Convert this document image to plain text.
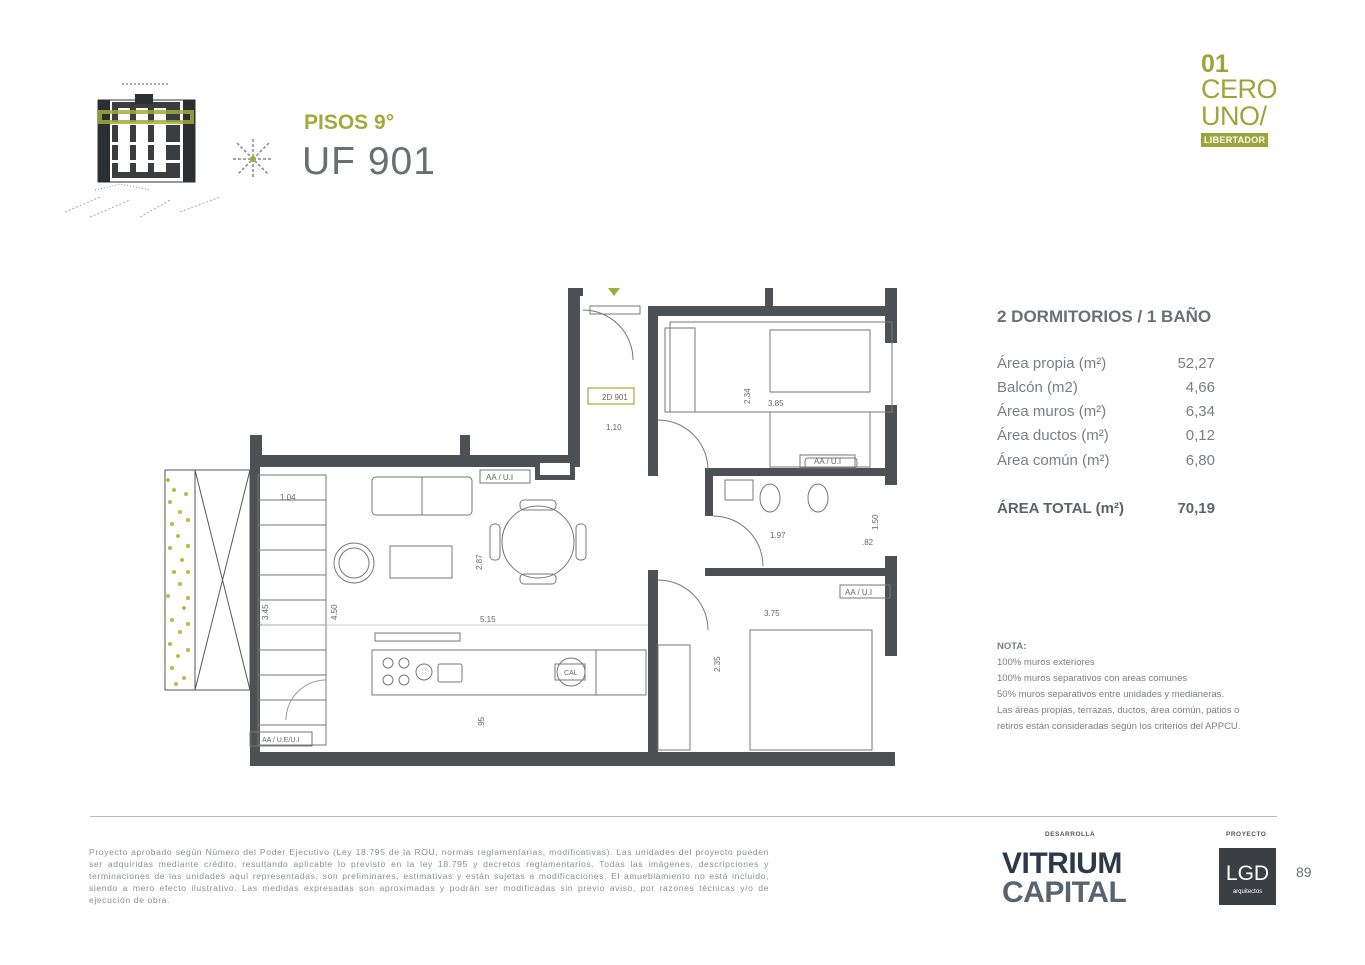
PISOS 9°
UF 901
01
CERO
UNO/
LIBERTADOR
2D 901
AA / U.I
AA / U.I
AA / U.I
AA / U.E/U.I
CAL
1.04
2.87
4.50
3.45	5.15
.95
1.10
2.34 3.85
1.97
.82
1.50
3.75
2.35
2 DORMITORIOS / 1 BAÑO
Área propia (m²)	52,27
Balcón (m2)	4,66
Área muros (m²)	6,34
Área ductos (m²)	0,12
Área común (m²)	6,80
ÁREA TOTAL (m²)	70,19
NOTA:
100% muros exteriores
100% muros separativos con areas comunes
50% muros separativos entre unidades y medianeras.
Las áreas propias, terrazas, ductos, área común, patios o
retiros están consideradas según los criterios del APPCU.
Proyecto aprobado según Número del Poder Ejecutivo (Ley 18.795 de la ROU, normas reglamentarias, modificativas). Las unidades del proyecto pueden ser adquiridas mediante crédito, resultando aplicable lo previsto en la ley 18.795 y decretos reglamentarios. Todas las imágenes, descripciones y terminaciones de las unidades aquí representadas, son preliminares, estimativas y están sujetas a modificaciones. El amueblamiento no está incluido, siendo a mero efecto ilustrativo. Las medidas expresadas son aproximadas y podrán ser modificadas sin previo aviso, por razones técnicas y/o de ejecución de obra.
DESARROLLA
VITRIUM
CAPITAL
PROYECTO
LGD
arquitectos
89
